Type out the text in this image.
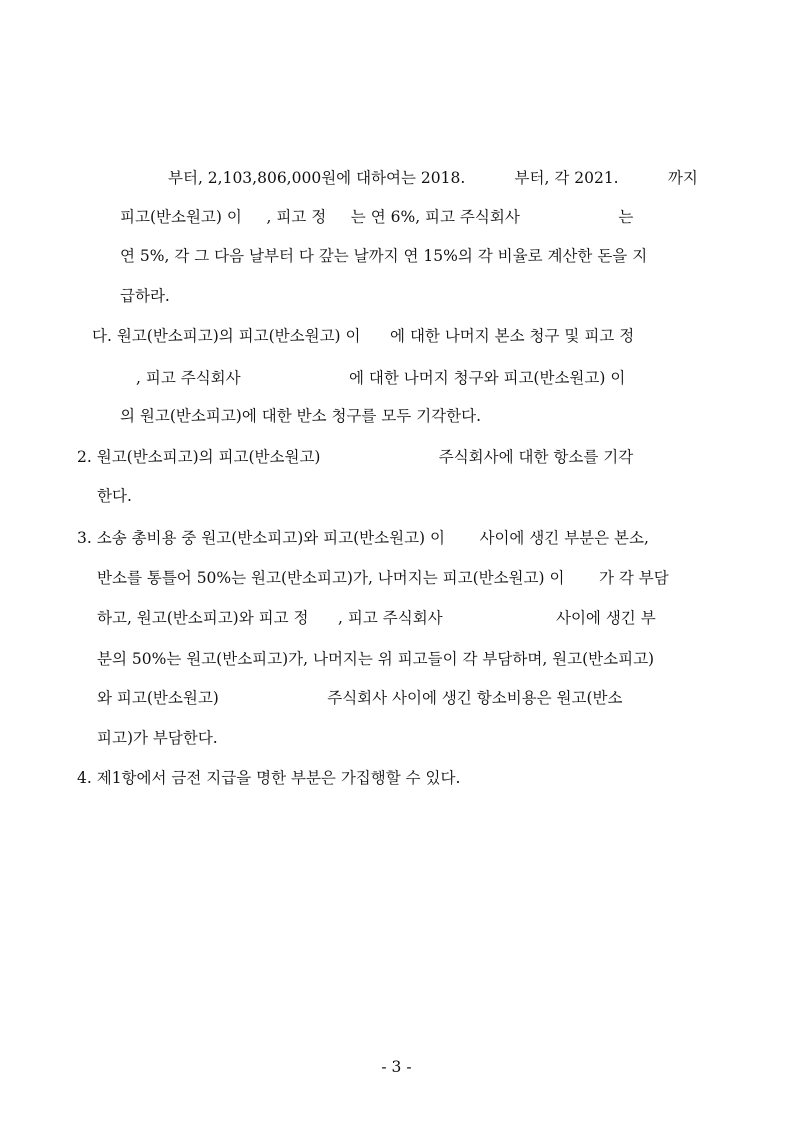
부터, 2,103,806,000원에 대하여는 2018.          부터, 각 2021.          까지

피고(반소원고) 이     , 피고 정     는 연 6%, 피고 주식회사                    는

연 5%, 각 그 다음 날부터 다 갚는 날까지 연 15%의 각 비율로 계산한 돈을 지

급하라.

다. 원고(반소피고)의 피고(반소원고) 이      에 대한 나머지 본소 청구 및 피고 정

, 피고 주식회사                      에 대한 나머지 청구와 피고(반소원고) 이

의 원고(반소피고)에 대한 반소 청구를 모두 기각한다.

2. 원고(반소피고)의 피고(반소원고)                        주식회사에 대한 항소를 기각

한다.

3. 소송 총비용 중 원고(반소피고)와 피고(반소원고) 이       사이에 생긴 부분은 본소,

반소를 통틀어 50%는 원고(반소피고)가, 나머지는 피고(반소원고) 이       가 각 부담

하고, 원고(반소피고)와 피고 정      , 피고 주식회사                       사이에 생긴 부

분의 50%는 원고(반소피고)가, 나머지는 위 피고들이 각 부담하며, 원고(반소피고)

와 피고(반소원고)                      주식회사 사이에 생긴 항소비용은 원고(반소

피고)가 부담한다.

4. 제1항에서 금전 지급을 명한 부분은 가집행할 수 있다.

- 3 -
